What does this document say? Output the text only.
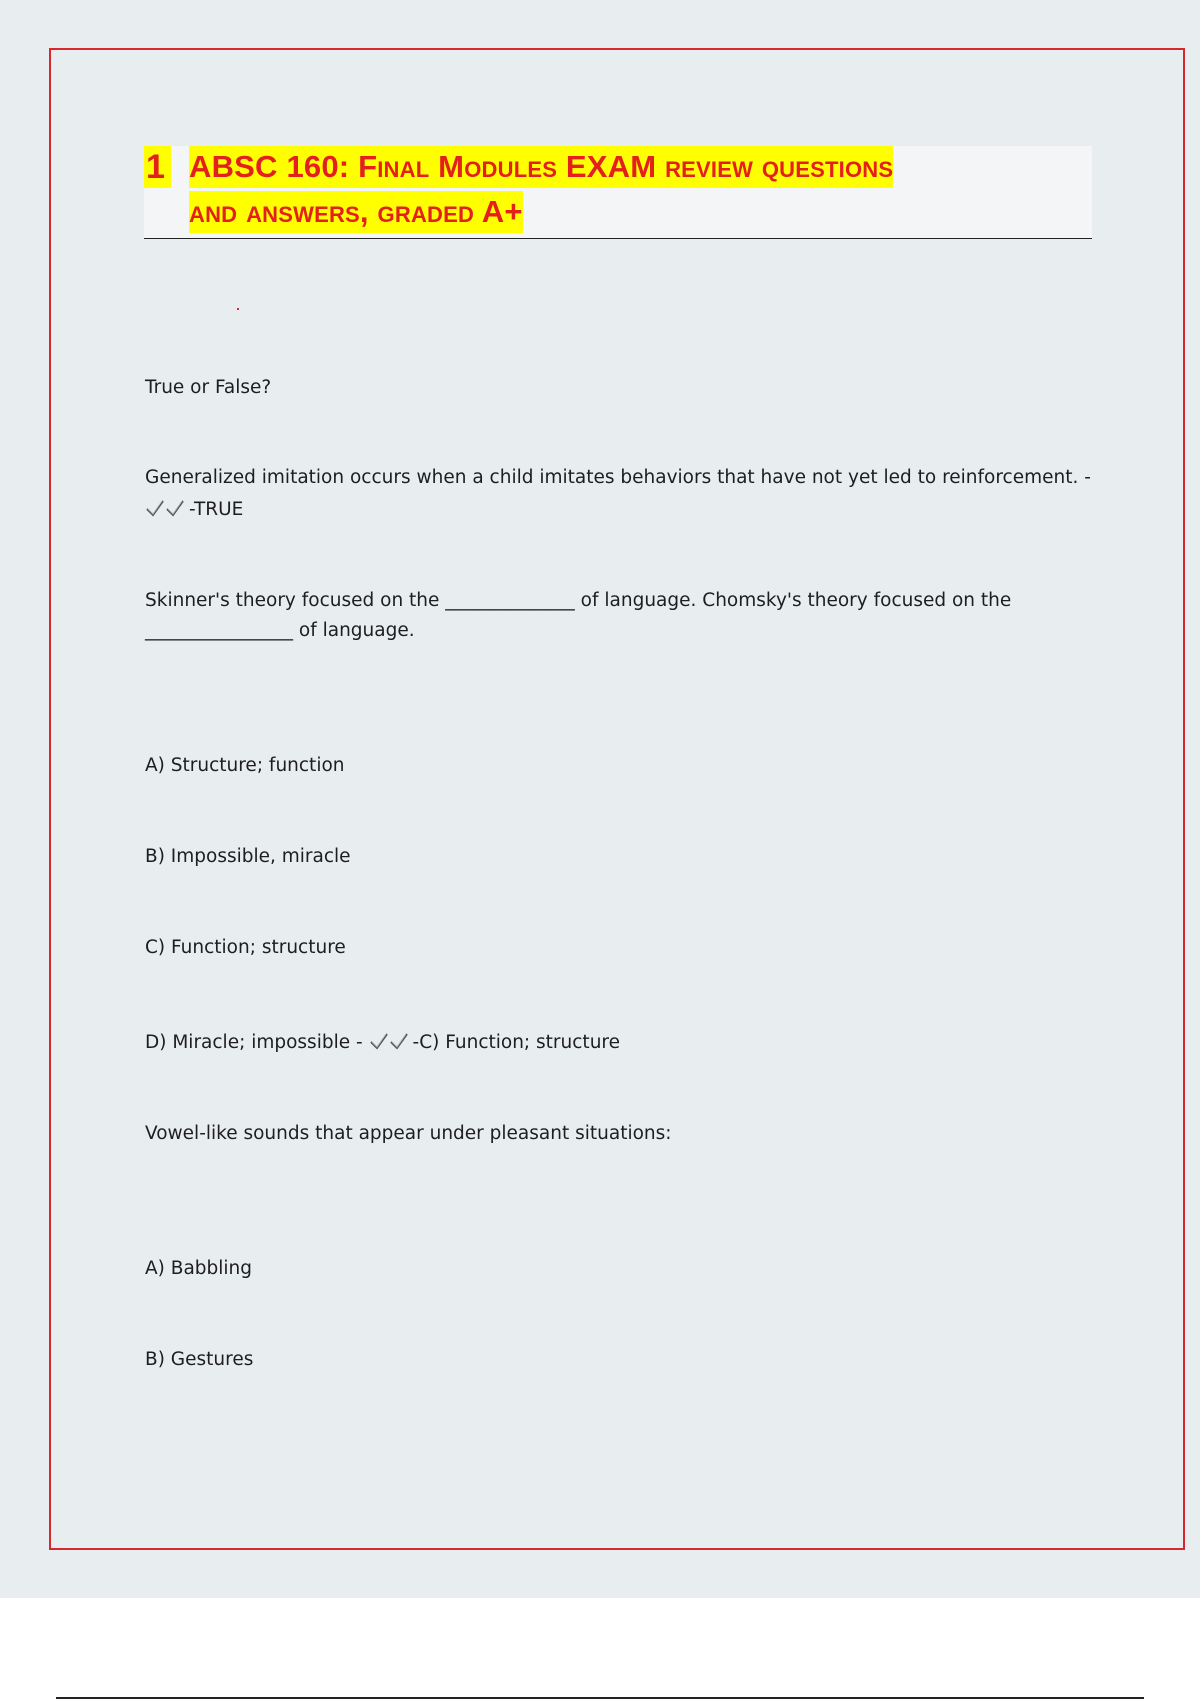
1 ABSC 160: Final Modules EXAM review questions
and answers, graded A+
True or False?
Generalized imitation occurs when a child imitates behaviors that have not yet led to reinforcement. -
-TRUE
Skinner's theory focused on the ______________ of language. Chomsky's theory focused on the
________________ of language.
A) Structure; function
B) Impossible, miracle
C) Function; structure
D) Miracle; impossible -	-C) Function; structure
Vowel-like sounds that appear under pleasant situations:
A) Babbling
B) Gestures
